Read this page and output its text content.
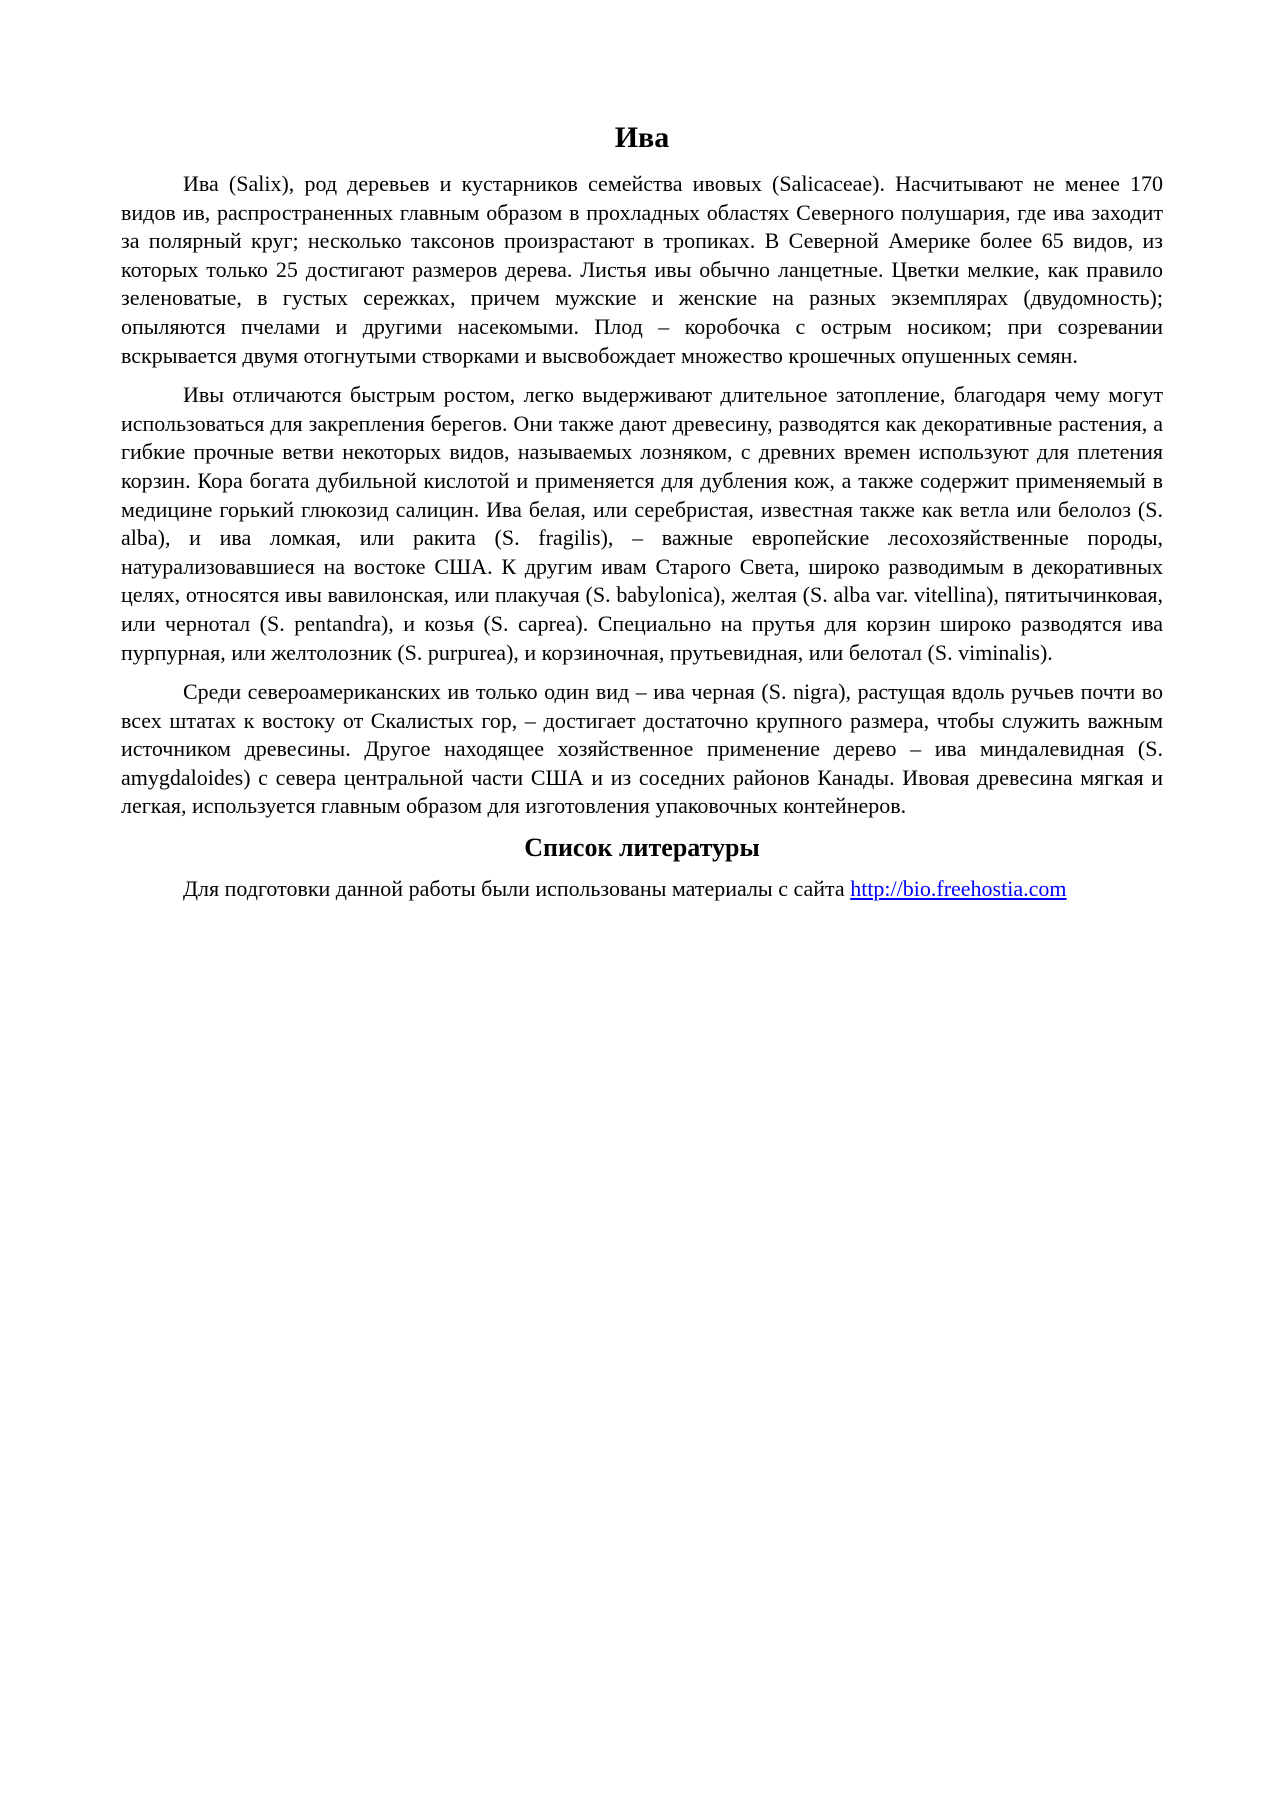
Ива

Ива (Salix), род деревьев и кустарников семейства ивовых (Salicaceae). Насчитывают не менее 170 видов ив, распространенных главным образом в прохладных областях Северного полушария, где ива заходит за полярный круг; несколько таксонов произрастают в тропиках. В Северной Америке более 65 видов, из которых только 25 достигают размеров дерева. Листья ивы обычно ланцетные. Цветки мелкие, как правило зеленоватые, в густых сережках, причем мужские и женские на разных экземплярах (двудомность); опыляются пчелами и другими насекомыми. Плод – коробочка с острым носиком; при созревании вскрывается двумя отогнутыми створками и высвобождает множество крошечных опушенных семян.

Ивы отличаются быстрым ростом, легко выдерживают длительное затопление, благодаря чему могут использоваться для закрепления берегов. Они также дают древесину, разводятся как декоративные растения, а гибкие прочные ветви некоторых видов, называемых лозняком, с древних времен используют для плетения корзин. Кора богата дубильной кислотой и применяется для дубления кож, а также содержит применяемый в медицине горький глюкозид салицин. Ива белая, или серебристая, известная также как ветла или белолоз (S. alba), и ива ломкая, или ракита (S. fragilis), – важные европейские лесохозяйственные породы, натурализовавшиеся на востоке США. К другим ивам Старого Света, широко разводимым в декоративных целях, относятся ивы вавилонская, или плакучая (S. babylonica), желтая (S. alba var. vitellina), пятитычинковая, или чернотал (S. pentandra), и козья (S. caprea). Специально на прутья для корзин широко разводятся ива пурпурная, или желтолозник (S. purpurea), и корзиночная, прутьевидная, или белотал (S. viminalis).

Среди североамериканских ив только один вид – ива черная (S. nigra), растущая вдоль ручьев почти во всех штатах к востоку от Скалистых гор, – достигает достаточно крупного размера, чтобы служить важным источником древесины. Другое находящее хозяйственное применение дерево – ива миндалевидная (S. amygdaloides) с севера центральной части США и из соседних районов Канады. Ивовая древесина мягкая и легкая, используется главным образом для изготовления упаковочных контейнеров.

Список литературы

Для подготовки данной работы были использованы материалы с сайта http://bio.freehostia.com
